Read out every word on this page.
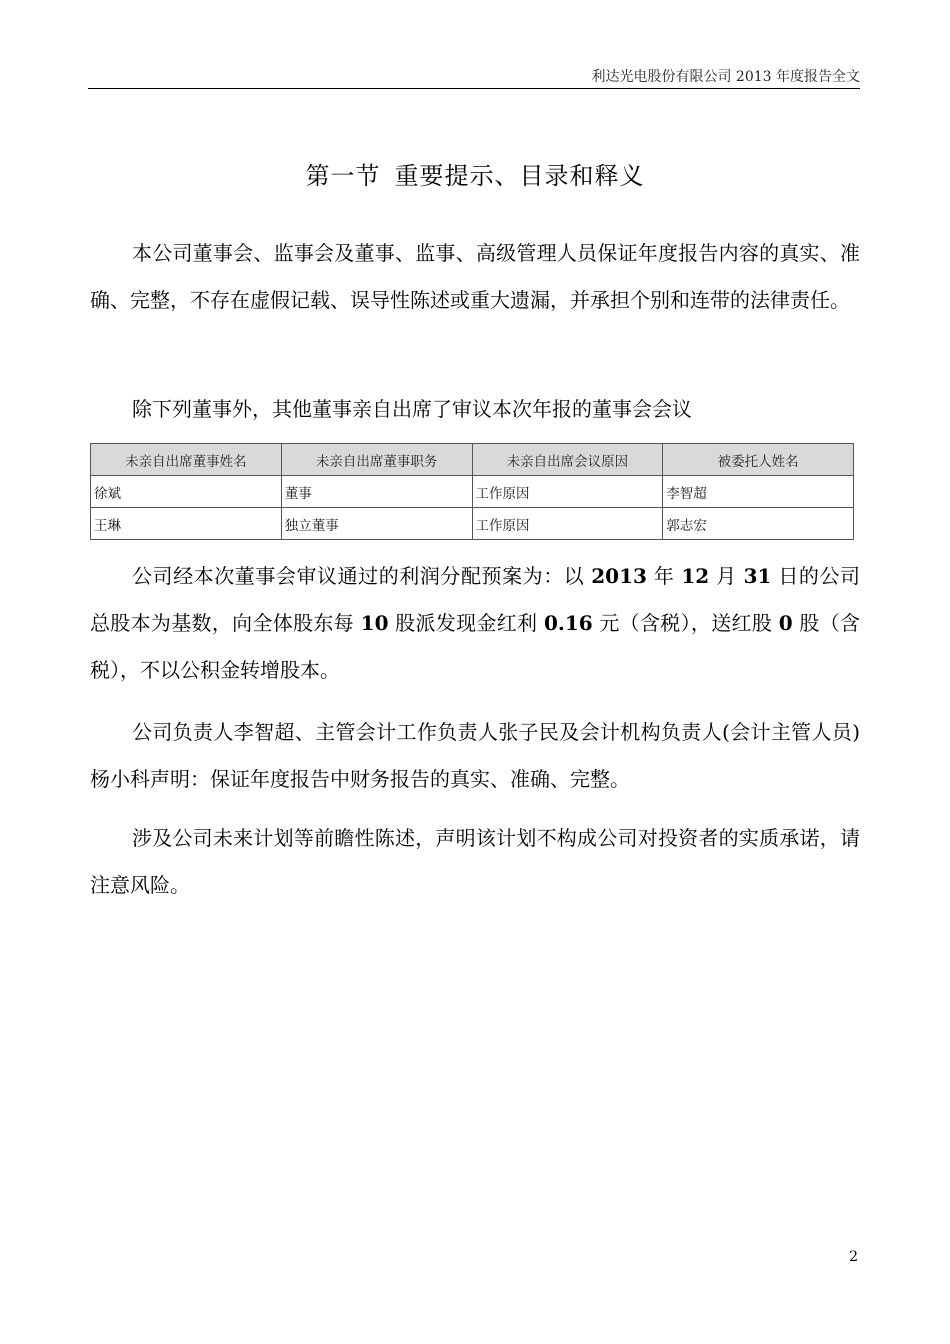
利达光电股份有限公司 2013 年度报告全文
第一节 重要提示、目录和释义

本公司董事会、监事会及董事、监事、高级管理人员保证年度报告内容的真实、准确、完整，不存在虚假记载、误导性陈述或重大遗漏，并承担个别和连带的法律责任。

除下列董事外，其他董事亲自出席了审议本次年报的董事会会议

未亲自出席董事姓名	未亲自出席董事职务	未亲自出席会议原因	被委托人姓名
徐斌	董事	工作原因	李智超
王琳	独立董事	工作原因	郭志宏

公司经本次董事会审议通过的利润分配预案为：以 2013 年 12 月 31 日的公司总股本为基数，向全体股东每 10 股派发现金红利 0.16 元（含税），送红股 0 股（含税），不以公积金转增股本。

公司负责人李智超、主管会计工作负责人张子民及会计机构负责人(会计主管人员)杨小科声明：保证年度报告中财务报告的真实、准确、完整。

涉及公司未来计划等前瞻性陈述，声明该计划不构成公司对投资者的实质承诺，请注意风险。

2
